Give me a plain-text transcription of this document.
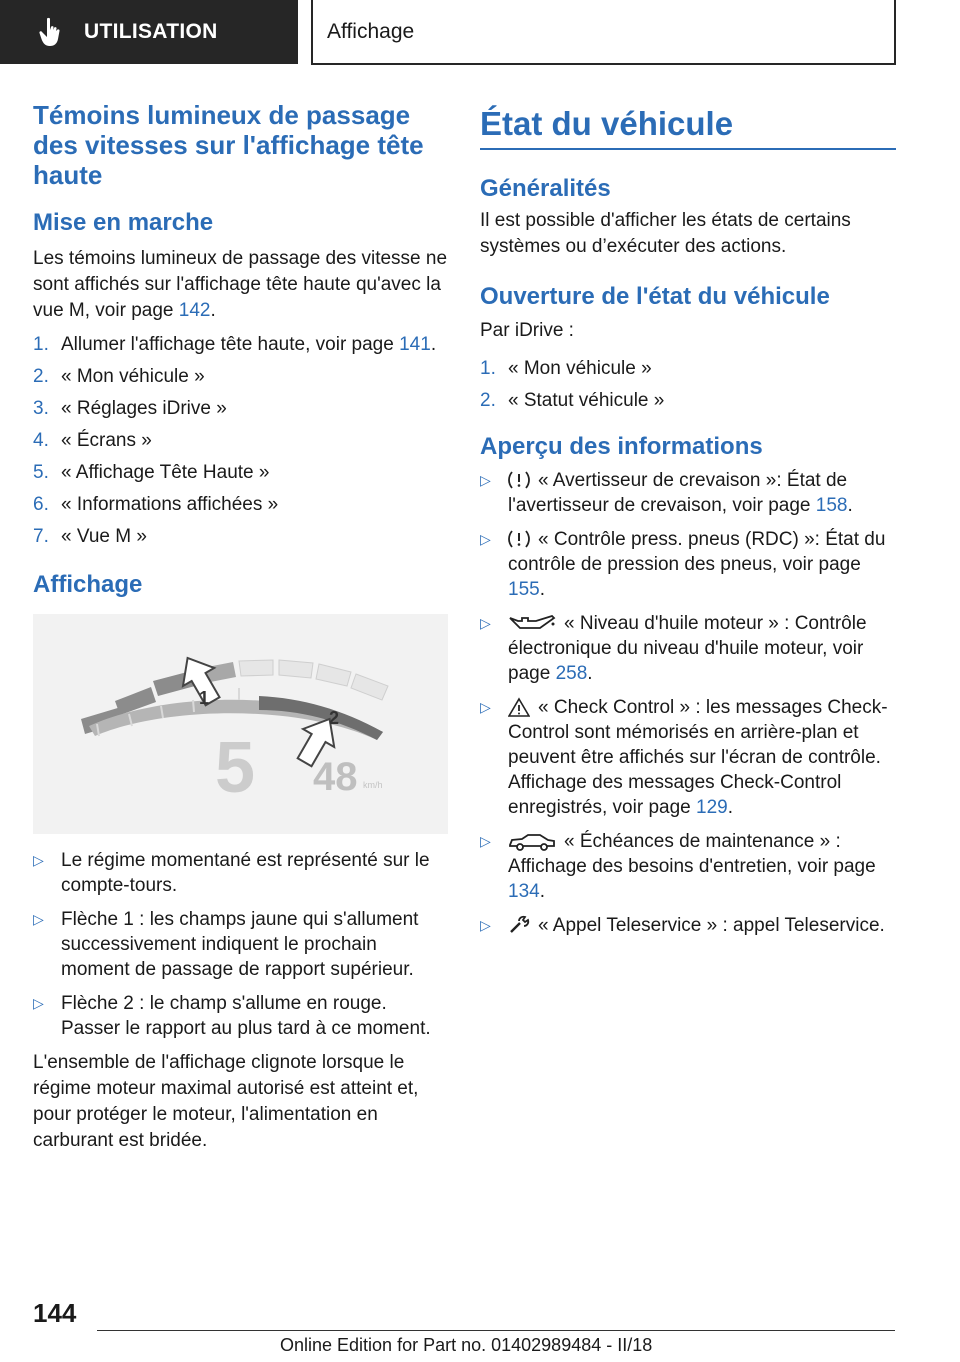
UTILISATION	Affichage
Témoins lumineux de passage des vitesses sur l'affichage tête haute
Mise en marche

Les témoins lumineux de passage des vitesse ne sont affichés sur l'affichage tête haute qu'avec la vue M, voir page 142.

1. Allumer l'affichage tête haute, voir page 141.
2. « Mon véhicule »
3. « Réglages iDrive »
4. « Écrans »
5. « Affichage Tête Haute »
6. « Informations affichées »
7. « Vue M »
Affichage
1
2
5 48 km/h
▷ Le régime momentané est représenté sur le compte-tours.
▷ Flèche 1 : les champs jaune qui s'allument successivement indiquent le prochain moment de passage de rapport supérieur.
▷ Flèche 2 : le champ s'allume en rouge. Passer le rapport au plus tard à ce moment.

L'ensemble de l'affichage clignote lorsque le régime moteur maximal autorisé est atteint et, pour protéger le moteur, l'alimentation en carburant est bridée.

État du véhicule
Généralités

Il est possible d'afficher les états de certains systèmes ou d’exécuter des actions.

Ouverture de l'état du véhicule

Par iDrive :

1. « Mon véhicule »
2. « Statut véhicule »
Aperçu des informations
▷	« Avertisseur de crevaison »: État de l'avertisseur de crevaison, voir page 158.
▷	« Contrôle press. pneus (RDC) »: État du contrôle de pression des pneus, voir page 155.
▷	« Niveau d'huile moteur » : Contrôle électronique du niveau d'huile moteur, voir page 258.
▷	« Check Control » : les messages Check-Control sont mémorisés en arrière-plan et peuvent être affichés sur l'écran de contrôle. Affichage des messages Check-Control enregistrés, voir page 129.
▷	« Échéances de maintenance » : Affichage des besoins d'entretien, voir page 134.
▷	« Appel Teleservice » : appel Teleservice.
144
Online Edition for Part no. 01402989484 - II/18
